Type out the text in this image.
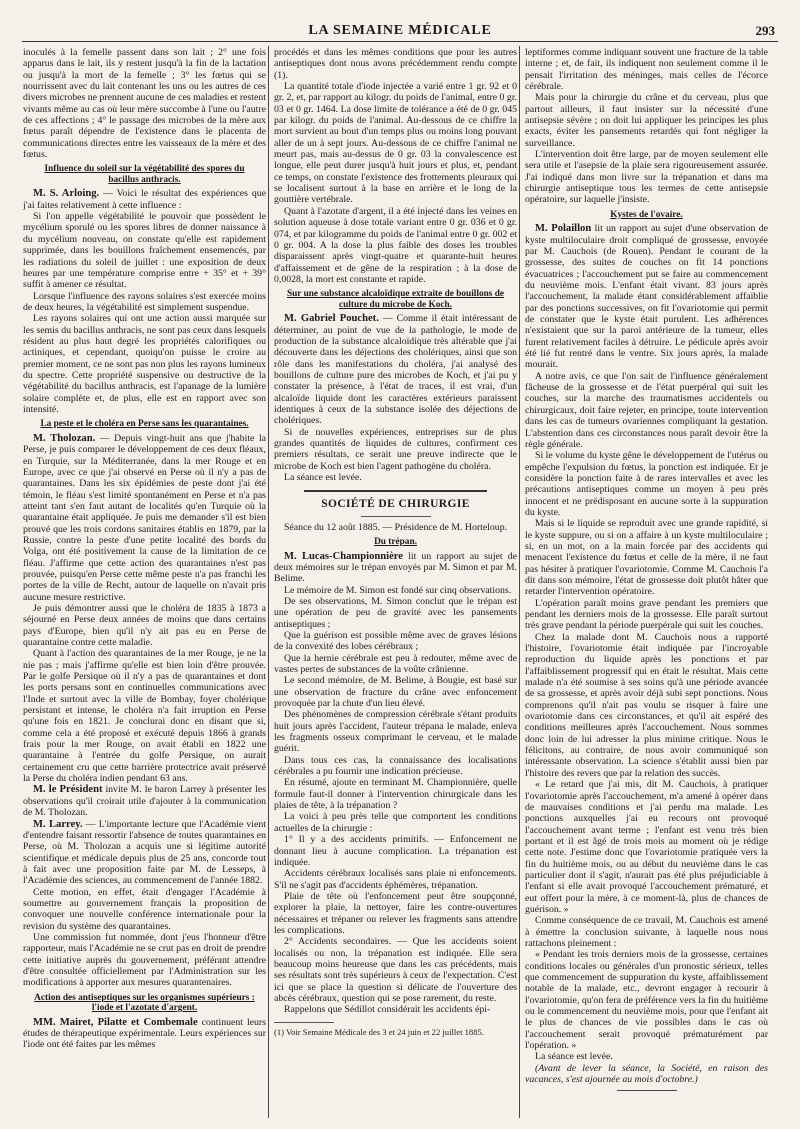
LA SEMAINE MÉDICALE	293

inoculés à la femelle passent dans son lait ; 2° une fois apparus dans le lait, ils y restent jusqu'à la fin de la lactation ou jusqu'à la mort de la femelle ; 3° les fœtus qui se nourrissent avec du lait contenant les uns ou les autres de ces divers microbes ne prennent aucune de ces maladies et restent vivants même au cas où leur mère succombe à l'une ou l'autre de ces affections ; 4° le passage des microbes de la mère aux fœtus paraît dépendre de l'existence dans le placenta de communications directes entre les vaisseaux de la mère et des fœtus.

Influence du soleil sur la végétabilité des spores du bacillus anthracis.

M. S. Arloing. — Voici le résultat des expériences que j'ai faites relativement à cette influence :

Si l'on appelle végétabilité le pouvoir que possèdent le mycélium sporulé ou les spores libres de donner naissance à du mycélium nouveau, on constate qu'elle est rapidement supprimée, dans les bouillons fraîchement ensemencés, par les radiations du soleil de juillet : une exposition de deux heures par une température comprise entre + 35° et + 39° suffit à amener ce résultat.

Lorsque l'influence des rayons solaires s'est exercée moins de deux heures, la végétabilité est simplement suspendue.

Les rayons solaires qui ont une action aussi marquée sur les semis du bacillus anthracis, ne sont pas ceux dans lesquels résident au plus haut degré les propriétés calorifiques ou actiniques, et cependant, quoiqu'on puisse le croire au premier moment, ce ne sont pas non plus les rayons lumineux du spectre. Cette propriété suspensive ou destructive de la végétabilité du bacillus anthracis, est l'apanage de la lumière solaire complète et, de plus, elle est en rapport avec son intensité.

La peste et le choléra en Perse sans les quarantaines.

M. Tholozan. — Depuis vingt-huit ans que j'habite la Perse, je puis comparer le développement de ces deux fléaux, en Turquie, sur la Méditerranée, dans la mer Rouge et en Europe, avec ce que j'ai observé en Perse où il n'y a pas de quarantaines. Dans les six épidémies de peste dont j'ai été témoin, le fléau s'est limité spontanément en Perse et n'a pas atteint tant s'en faut autant de localités qu'en Turquie où la quarantaine était appliquée. Je puis me demander s'il est bien prouvé que les trois cordons sanitaires établis en 1879, par la Russie, contre la peste d'une petite localité des bords du Volga, ont été positivement la cause de la limitation de ce fléau. J'affirme que cette action des quarantaines n'est pas prouvée, puisqu'en Perse cette même peste n'a pas franchi les portes de la ville de Recht, autour de laquelle on n'avait pris aucune mesure restrictive.

Je puis démontrer aussi que le choléra de 1835 à 1873 a séjourné en Perse deux années de moins que dans certains pays d'Europe, bien qu'il n'y ait pas eu en Perse de quarantaine contre cette maladie.

Quant à l'action des quarantaines de la mer Rouge, je ne la nie pas ; mais j'affirme qu'elle est bien loin d'être prouvée. Par le golfe Persique où il n'y a pas de quarantaines et dont les ports persans sont en continuelles communications avec l'Inde et surtout avec la ville de Bombay, foyer cholérique persistant et intense, le choléra n'a fait irruption en Perse qu'une fois en 1821. Je conclurai donc en disant que si, comme cela a été proposé et exécuté depuis 1866 à grands frais pour la mer Rouge, on avait établi en 1822 une quarantaine à l'entrée du golfe Persique, on aurait certainement cru que cette barrière protectrice avait préservé la Perse du choléra indien pendant 63 ans.

M. le Président invite M. le baron Larrey à présenter les observations qu'il croirait utile d'ajouter à la communication de M. Tholozan.

M. Larrey. — L'importante lecture que l'Académie vient d'entendre faisant ressortir l'absence de toutes quarantaines en Perse, où M. Tholozan a acquis une si légitime autorité scientifique et médicale depuis plus de 25 ans, concorde tout à fait avec une proposition faite par M. de Lesseps, à l'Académie des sciences, au commencement de l'année 1882.

Cette motion, en effet, était d'engager l'Académie à soumettre au gouvernement français la proposition de convoquer une nouvelle conférence internationale pour la revision du système des quarantaines.

Une commission fut nommée, dont j'eus l'honneur d'être rapporteur, mais l'Académie ne se crut pas en droit de prendre cette initiative auprès du gouvernement, préférant attendre d'être consultée officiellement par l'Administration sur les modifications à apporter aux mesures quarantenaires.

Action des antiseptiques sur les organismes supérieurs : l'iode et l'azotate d'argent.

MM. Mairet, Pilatte et Combemale continuent leurs études de thérapeutique expérimentale. Leurs expériences sur l'iode ont été faites par les mêmes

procédés et dans les mêmes conditions que pour les autres antiseptiques dont nous avons précédemment rendu compte (1).

La quantité totale d'iode injectée a varié entre 1 gr. 92 et 0 gr. 2, et, par rapport au kilogr. du poids de l'animal, entre 0 gr. 03 et 0 gr. 1464. La dose limite de tolérance a été de 0 gr. 045 par kilogr. du poids de l'animal. Au-dessous de ce chiffre la mort survient au bout d'un temps plus ou moins long pouvant aller de un à sept jours. Au-dessous de ce chiffre l'animal ne meurt pas, mais au-dessus de 0 gr. 03 la convalescence est longue, elle peut durer jusqu'à huit jours et plus, et, pendant ce temps, on constate l'existence des frottements pleuraux qui se localisent surtout à la base en arrière et le long de la gouttière vertébrale.

Quant à l'azotate d'argent, il a été injecté dans les veines en solution aqueuse à dose totale variant entre 0 gr. 036 et 0 gr. 074, et par kilogramme du poids de l'animal entre 0 gr. 002 et 0 gr. 004. A la dose la plus faible des doses les troubles disparaissent après vingt-quatre et quarante-huit heures d'affaissement et de gêne de la respiration ; à la dose de 0,0028, la mort est constante et rapide.

Sur une substance alcaloïdique extraite de bouillons de culture du microbe de Koch.

M. Gabriel Pouchet. — Comme il était intéressant de déterminer, au point de vue de la pathologie, le mode de production de la substance alcaloïdique très altérable que j'ai découverte dans les déjections des cholériques, ainsi que son rôle dans les manifestations du choléra, j'ai analysé des bouillons de culture pure des microbes de Koch, et j'ai pu y constater la présence, à l'état de traces, il est vrai, d'un alcaloïde liquide dont les caractères extérieurs paraissent identiques à ceux de la substance isolée des déjections de cholériques.

Si de nouvelles expériences, entreprises sur de plus grandes quantités de liquides de cultures, confirment ces premiers résultats, ce serait une preuve indirecte que le microbe de Koch est bien l'agent pathogène du choléra.

La séance est levée.

SOCIÉTÉ DE CHIRURGIE
Séance du 12 août 1885. — Présidence de M. Horteloup.
Du trépan.

M. Lucas-Championnière lit un rapport au sujet de deux mémoires sur le trépan envoyés par M. Simon et par M. Belime.

Le mémoire de M. Simon est fondé sur cinq observations.

De ses observations, M. Simon conclut que le trépan est une opération de peu de gravité avec les pansements antiseptiques ;

Que la guérison est possible même avec de graves lésions de la convexité des lobes cérébraux ;

Que la hernie cérébrale est peu à redouter, même avec de vastes pertes de substances de la voûte crânienne.

Le second mémoire, de M. Belime, à Bougie, est basé sur une observation de fracture du crâne avec enfoncement provoquée par la chute d'un lieu élevé.

Des phénomènes de compression cérébrale s'étant produits huit jours après l'accident, l'auteur trépana le malade, enleva les fragments osseux comprimant le cerveau, et le malade guérit.

Dans tous ces cas, la connaissance des localisations cérébrales a pu fournir une indication précieuse.

En résumé, ajoute en terminant M. Championnière, quelle formule faut-il donner à l'intervention chirurgicale dans les plaies de tête, à la trépanation ?

La voici à peu près telle que comportent les conditions actuelles de la chirurgie :

1° Il y a des accidents primitifs. — Enfoncement ne donnant lieu à aucune complication. La trépanation est indiquée.

Accidents cérébraux localisés sans plaie ni enfoncements. S'il ne s'agit pas d'accidents éphémères, trépanation.

Plaie de tête où l'enfoncement peut être soupçonné, explorer la plaie, la nettoyer, faire les contre-ouvertures nécessaires et trépaner ou relever les fragments sans attendre les complications.

2° Accidents secondaires. — Que les accidents soient localisés ou non, la trépanation est indiquée. Elle sera beaucoup moins heureuse que dans les cas précédents, mais ses résultats sont très supérieurs à ceux de l'expectation. C'est ici que se place la question si délicate de l'ouverture des abcès cérébraux, question qui se pose rarement, du reste.

Rappelons que Sédillot considérait les accidents épi-

(1) Voir Semaine Médicale des 3 et 24 juin et 22 juillet 1885.

leptiformes comme indiquant souvent une fracture de la table interne ; et, de fait, ils indiquent non seulement comme il le pensait l'irritation des méninges, mais celles de l'écorce cérébrale.

Mais pour la chirurgie du crâne et du cerveau, plus que partout ailleurs, il faut insister sur la nécessité d'une antisepsie sévère ; on doit lui appliquer les principes les plus exacts, éviter les pansements retardés qui font négliger la surveillance.

L'intervention doit être large, par de moyen seulement elle sera utile et l'asepsie de la plaie sera rigoureusement assurée. J'ai indiqué dans mon livre sur la trépanation et dans ma chirurgie antiseptique tous les termes de cette antisepsie opératoire, sur laquelle j'insiste.

Kystes de l'ovaire.

M. Polaillon lit un rapport au sujet d'une observation de kyste multiloculaire droit compliqué de grossesse, envoyée par M. Cauchois (de Rouen). Pendant le courant de la grossesse, des suites de couches on fit 14 ponctions évacuatrices ; l'accouchement put se faire au commencement du neuvième mois. L'enfant était vivant. 83 jours après l'accouchement, la malade étant considérablement affaiblie par des ponctions successives, on fit l'ovariotomie qui permit de constater que le kyste était purulent. Les adhérences n'existaient que sur la paroi antérieure de la tumeur, elles furent relativement faciles à détruire. Le pédicule après avoir été lié fut rentré dans le ventre. Six jours après, la malade mourait.

A notre avis, ce que l'on sait de l'influence généralement fâcheuse de la grossesse et de l'état puerpéral qui suit les couches, sur la marche des traumatismes accidentels ou chirurgicaux, doit faire rejeter, en principe, toute intervention dans les cas de tumeurs ovariennes compliquant la gestation. L'abstention dans ces circonstances nous paraît devoir être la règle générale.

Si le volume du kyste gêne le développement de l'utérus ou empêche l'expulsion du fœtus, la ponction est indiquée. Et je considère la ponction faite à de rares intervalles et avec les précautions antiseptiques comme un moyen à peu près innocent et ne prédisposant en aucune sorte à la suppuration du kyste.

Mais si le liquide se reproduit avec une grande rapidité, si le kyste suppure, ou si on a affaire à un kyste multiloculaire ; si, en un mot, on a la main forcée par des accidents qui menacent l'existence du fœtus et celle de la mère, il ne faut pas hésiter à pratiquer l'ovariotomie. Comme M. Cauchois l'a dit dans son mémoire, l'état de grossesse doit plutôt hâter que retarder l'intervention opératoire.

L'opération paraît moins grave pendant les premiers que pendant les derniers mois de la grossesse. Elle paraît surtout très grave pendant la période puerpérale qui suit les couches.

Chez la malade dont M. Cauchois nous a rapporté l'histoire, l'ovariotomie était indiquée par l'incroyable reproduction du liquide après les ponctions et par l'affaiblissement progressif qui en était le résultat. Mais cette malade n'a été soumise à ses soins qu'à une période avancée de sa grossesse, et après avoir déjà subi sept ponctions. Nous comprenons qu'il n'ait pas voulu se risquer à faire une ovariotomie dans ces circonstances, et qu'il ait espéré des conditions meilleures après l'accouchement. Nous sommes donc loin de lui adresser la plus minime critique. Nous le félicitons, au contraire, de nous avoir communiqué son intéressante observation. La science s'établit aussi bien par l'histoire des revers que par la relation des succès.

« Le retard que j'ai mis, dit M. Cauchois, à pratiquer l'ovariotomie après l'accouchement, m'a amené à opérer dans de mauvaises conditions et j'ai perdu ma malade. Les ponctions auxquelles j'ai eu recours ont provoqué l'accouchement avant terme ; l'enfant est venu très bien portant et il est âgé de trois mois au moment où je rédige cette note. J'estime donc que l'ovariotomie pratiquée vers la fin du huitième mois, ou au début du neuvième dans le cas particulier dont il s'agit, n'aurait pas été plus préjudiciable à l'enfant si elle avait provoqué l'accouchement prématuré, et eut offert pour la mère, à ce moment-là, plus de chances de guérison. »

Comme conséquence de ce travail, M. Cauchois est amené à émettre la conclusion suivante, à laquelle nous nous rattachons pleinement :

« Pendant les trois derniers mois de la grossesse, certaines conditions locales ou générales d'un pronostic sérieux, telles que commencement de suppuration du kyste, affaiblissement notable de la malade, etc., devront engager à recourir à l'ovariotomie, qu'on fera de préférence vers la fin du huitième ou le commencement du neuvième mois, pour que l'enfant ait le plus de chances de vie possibles dans le cas où l'accouchement serait provoqué prématurément par l'opération. »

La séance est levée.

(Avant de lever la séance, la Société, en raison des vacances, s'est ajournée au mois d'octobre.)
